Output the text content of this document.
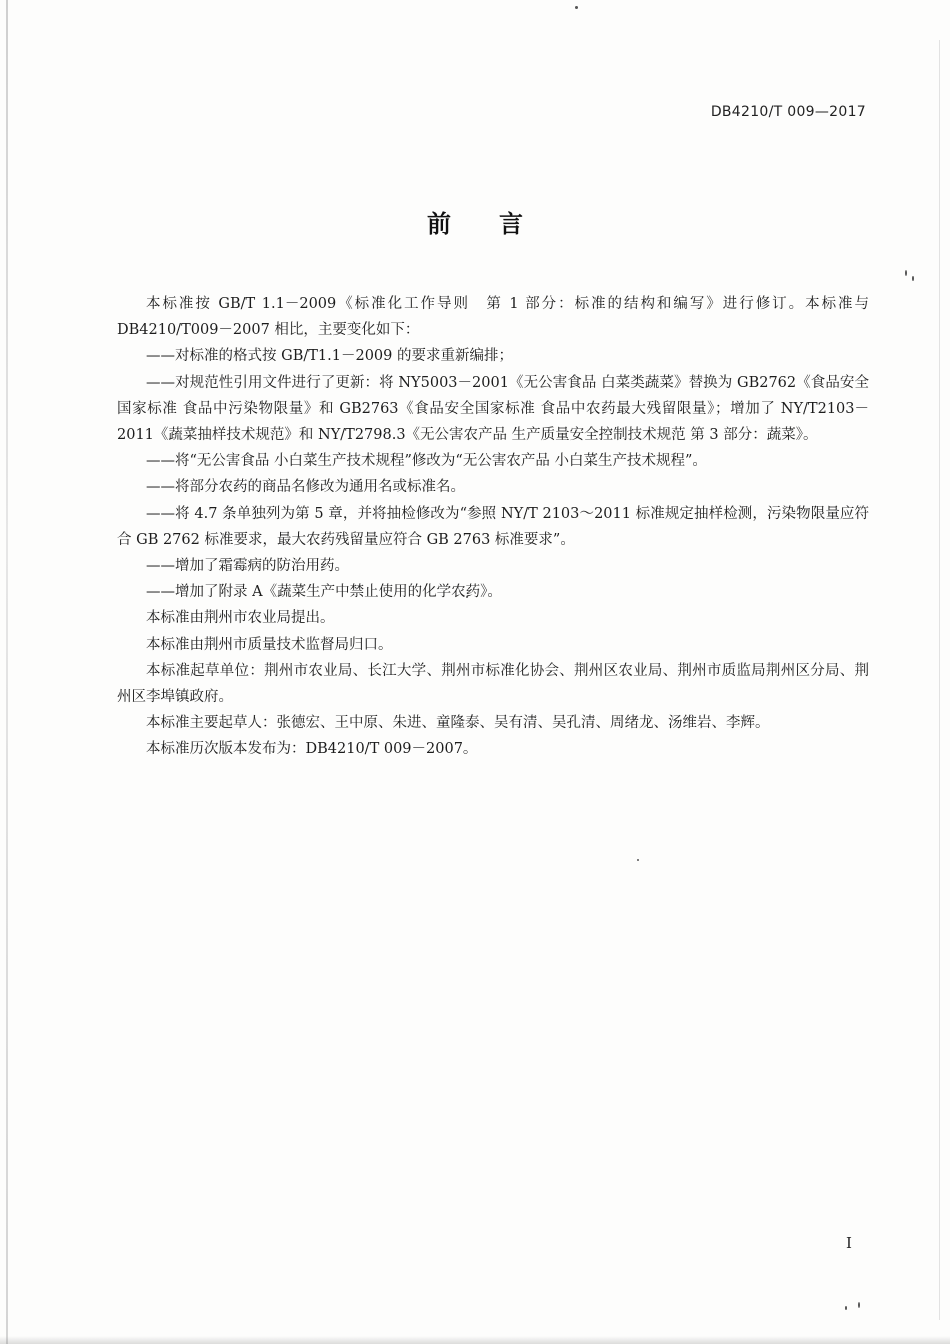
DB4210/T 009—2017
前言

本标准按 GB/T 1.1－2009《标准化工作导则　第 1 部分：标准的结构和编写》进行修订。本标准与 DB4210/T009－2007 相比，主要变化如下：

——对标准的格式按 GB/T1.1－2009 的要求重新编排；

——对规范性引用文件进行了更新：将 NY5003－2001《无公害食品 白菜类蔬菜》替换为 GB2762《食品安全国家标准 食品中污染物限量》和 GB2763《食品安全国家标准 食品中农药最大残留限量》；增加了 NY/T2103－2011《蔬菜抽样技术规范》和 NY/T2798.3《无公害农产品 生产质量安全控制技术规范 第 3 部分：蔬菜》。

——将“无公害食品 小白菜生产技术规程”修改为“无公害农产品 小白菜生产技术规程”。

——将部分农药的商品名修改为通用名或标准名。

——将 4.7 条单独列为第 5 章，并将抽检修改为“参照 NY/T 2103～2011 标准规定抽样检测，污染物限量应符合 GB 2762 标准要求，最大农药残留量应符合 GB 2763 标准要求”。

——增加了霜霉病的防治用药。

——增加了附录 A《蔬菜生产中禁止使用的化学农药》。

本标准由荆州市农业局提出。

本标准由荆州市质量技术监督局归口。

本标准起草单位：荆州市农业局、长江大学、荆州市标准化协会、荆州区农业局、荆州市质监局荆州区分局、荆州区李埠镇政府。

本标准主要起草人：张德宏、王中原、朱进、童隆泰、吴有清、吴孔清、周绪龙、汤维岩、李辉。

本标准历次版本发布为：DB4210/T 009－2007。

I
